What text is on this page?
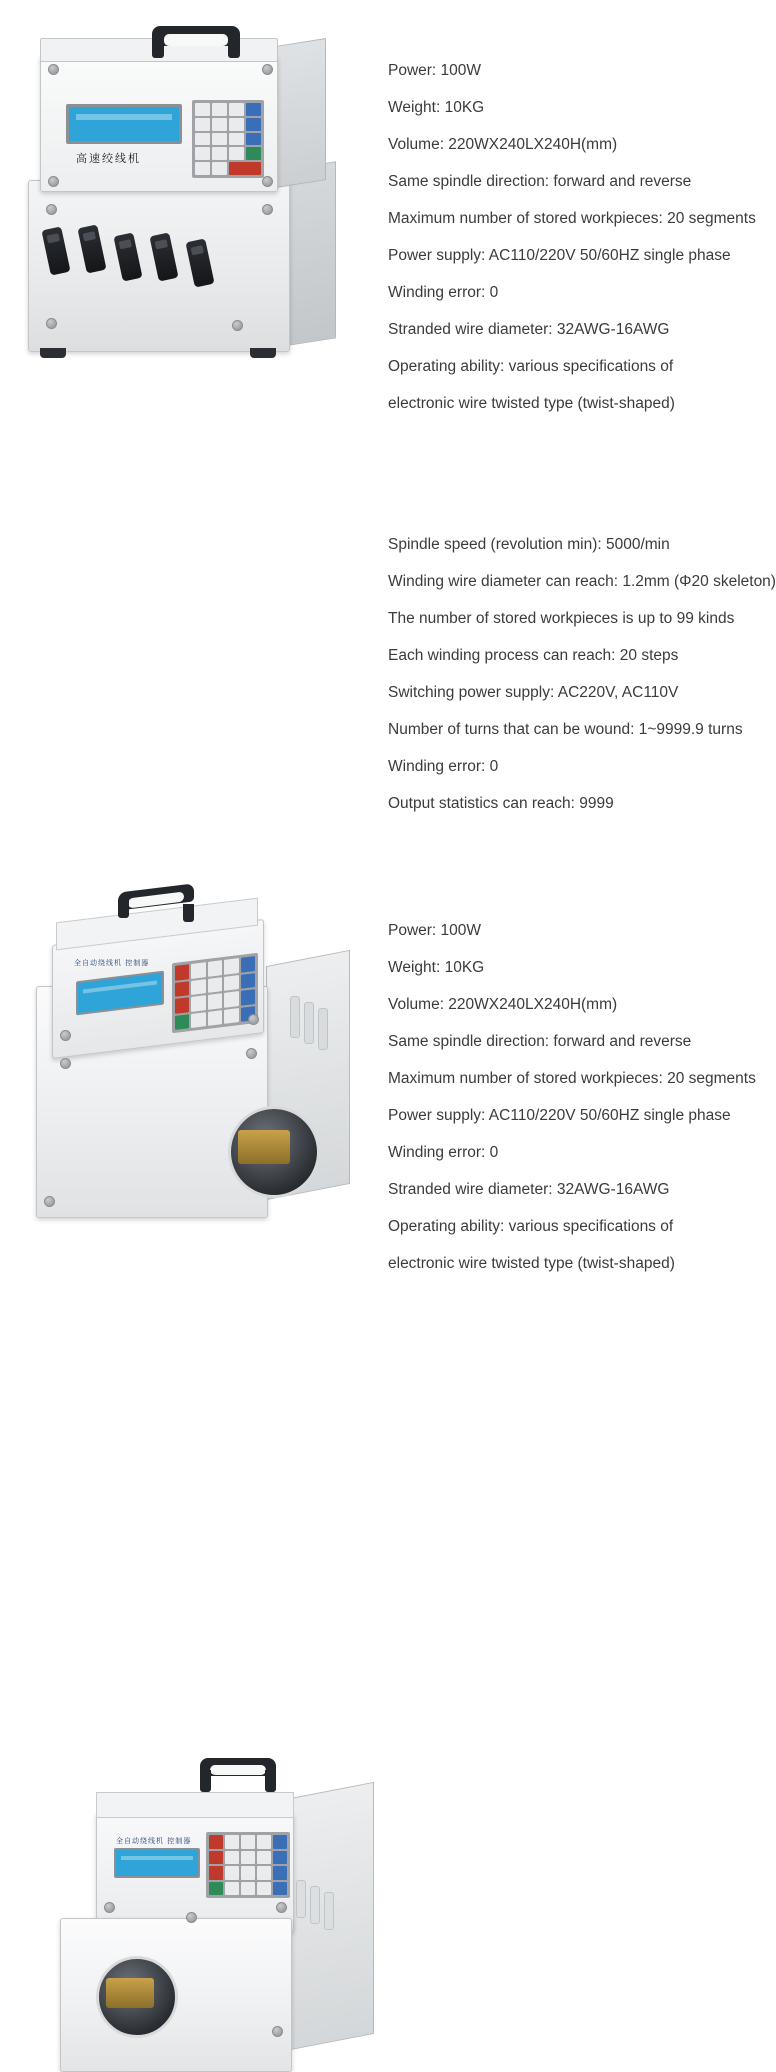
高速绞线机
Power: 100W
Weight: 10KG
Volume: 220WX240LX240H(mm)
Same spindle direction: forward and reverse
Maximum number of stored workpieces: 20 segments
Power supply: AC110/220V 50/60HZ single phase
Winding error: 0
Stranded wire diameter: 32AWG-16AWG
Operating ability: various specifications of electronic wire twisted type (twist-shaped)
全自动绕线机 控制器
Spindle speed (revolution min): 5000/min
Winding wire diameter can reach: 1.2mm (Φ20 skeleton)
The number of stored workpieces is up to 99 kinds
Each winding process can reach: 20 steps
Switching power supply: AC220V, AC110V
Number of turns that can be wound: 1~9999.9 turns
Winding error: 0
Output statistics can reach: 9999
全自动绕线机 控制器
Power: 100W
Weight: 10KG
Volume: 220WX240LX240H(mm)
Same spindle direction: forward and reverse
Maximum number of stored workpieces: 20 segments
Power supply: AC110/220V 50/60HZ single phase
Winding error: 0
Stranded wire diameter: 32AWG-16AWG
Operating ability: various specifications of electronic wire twisted type (twist-shaped)
